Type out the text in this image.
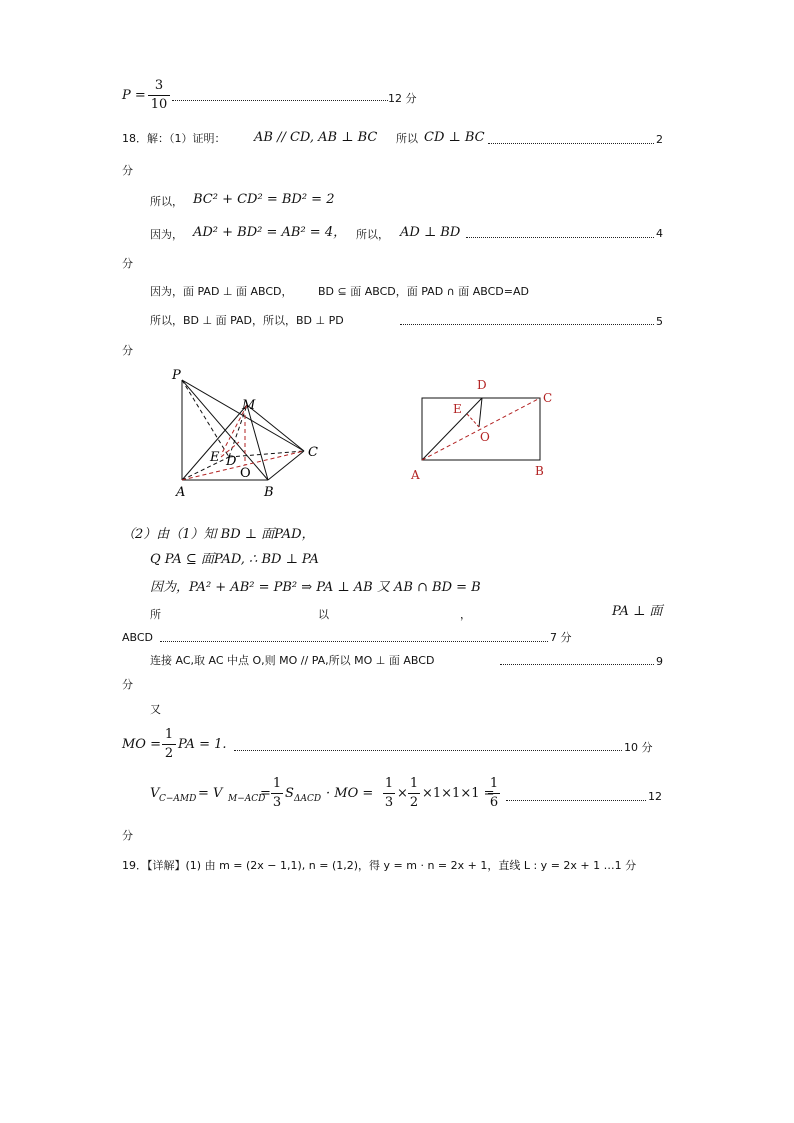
P =
3
10	12 分
18．解：（1）证明： AB // CD, AB ⊥ BC 所以 CD ⊥ BC	2
分
所以， BC² + CD² = BD² = 2
因为， AD² + BD² = AB² = 4， 所以， AD ⊥ BD	4
分
因为，面 PAD ⊥ 面 ABCD， BD ⊆ 面 ABCD，面 PAD ∩ 面 ABCD=AD
所以，BD ⊥ 面 PAD，所以，BD ⊥ PD	5
分
P
M
E D
O
A	B
C
D
C
E
O
A	B
（2）由（1）知 BD ⊥ 面PAD，
Q PA ⊆ 面PAD, ∴ BD ⊥ PA
因为，PA² + AB² = PB² ⇒ PA ⊥ AB 又 AB ∩ BD = B
所	以	，	PA ⊥ 面
ABCD	7 分
连接 AC,取 AC 中点 O,则 MO // PA,所以 MO ⊥ 面 ABCD	9
分
又
MO =
1
2
PA = 1.	10 分
V C−AMD = V M−ACD
=
1
3
S ΔACD · MO =
1
3
×
1
2
×1×1×1 =
1
6	12
分
19．【详解】(1) 由 m = (2x − 1,1), n = (1,2)，得 y = m · n = 2x + 1，直线 L : y = 2x + 1 …1 分
